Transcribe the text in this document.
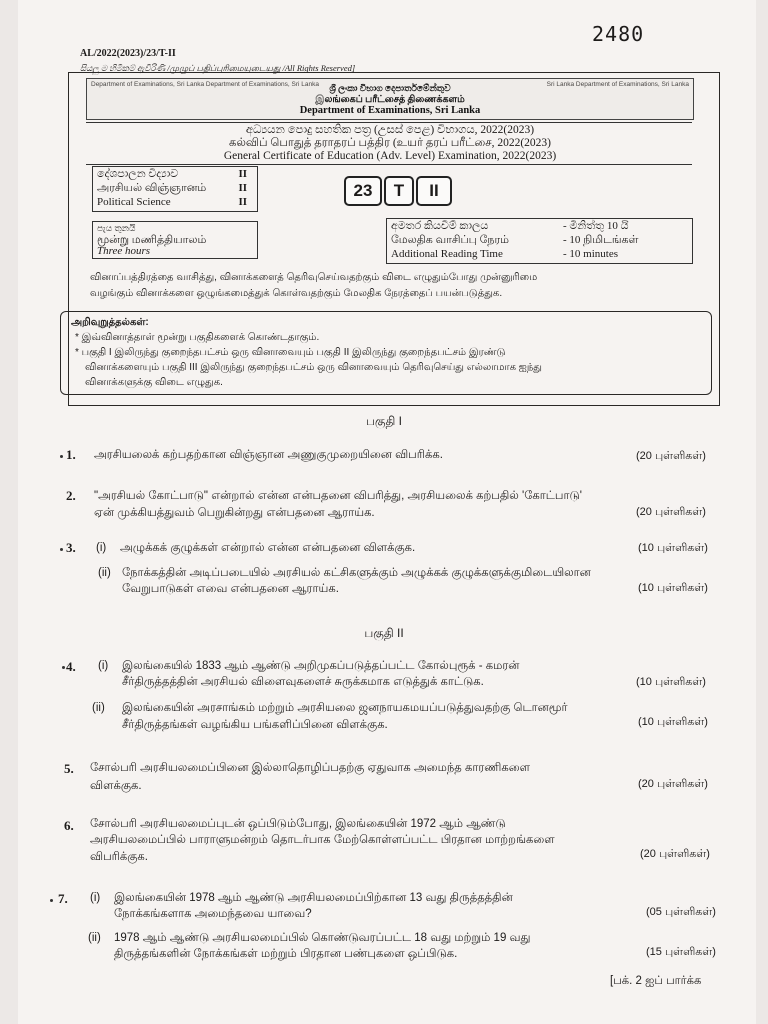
2480
AL/2022(2023)/23/T-II
සියලු ම හිමිකම් ඇවිරිණි /முழுப் பதிப்புரிமையுடையது /All Rights Reserved]
Department of Examinations, Sri Lanka Department of Examinations, Sri Lanka	Sri Lanka Department of Examinations, Sri Lanka
ශ්‍රී ලංකා විභාග දෙපාර්තමේන්තුව
இலங்கைப் பரீட்சைத் திணைக்களம்
Department of Examinations, Sri Lanka
අධ්‍යයන පොදු සහතික පත්‍ර (උසස් පෙළ) විභාගය, 2022(2023)
கல்விப் பொதுத் தராதரப் பத்திர (உயர் தரப் பரீட்சை, 2022(2023)
General Certificate of Education (Adv. Level) Examination, 2022(2023)
දේශපාලන විද්‍යාව	II
அரசியல் விஞ்ஞானம்	II
Political Science	II
23	T	II
පැය තුනයි
மூன்று மணித்தியாலம்
Three hours
අමතර කියවීම් කාලය	- මිනිත්තු 10 යි
மேலதிக வாசிப்பு நேரம்	- 10 நிமிடங்கள்
Additional Reading Time	- 10 minutes
வினாப்பத்திரத்தை வாசித்து, வினாக்களைத் தெரிவுசெய்வதற்கும் விடை எழுதும்போது முன்னுரிமை
வழங்கும் வினாக்களை ஒழுங்கமைத்துக் கொள்வதற்கும் மேலதிக நேரத்தைப் பயன்படுத்துக.
அறிவுறுத்தல்கள்:
* இவ்வினாத்தாள் மூன்று பகுதிகளைக் கொண்டதாகும்.
* பகுதி I இலிருந்து குறைந்தபட்சம் ஒரு வினாவையும் பகுதி II இலிருந்து குறைந்தபட்சம் இரண்டு
வினாக்களையும் பகுதி III இலிருந்து குறைந்தபட்சம் ஒரு வினாவையும் தெரிவுசெய்து எல்லாமாக ஐந்து
வினாக்களுக்கு விடை எழுதுக.
பகுதி I
1. அரசியலைக் கற்பதற்கான விஞ்ஞான அணுகுமுறையினை விபரிக்க.	(20 புள்ளிகள்)
2. "அரசியல் கோட்பாடு" என்றால் என்ன என்பதனை விபரித்து, அரசியலைக் கற்பதில் 'கோட்பாடு'
ஏன் முக்கியத்துவம் பெறுகின்றது என்பதனை ஆராய்க.	(20 புள்ளிகள்)
3. (i) அழுக்கக் குழுக்கள் என்றால் என்ன என்பதனை விளக்குக.	(10 புள்ளிகள்)
(ii) நோக்கத்தின் அடிப்படையில் அரசியல் கட்சிகளுக்கும் அழுக்கக் குழுக்களுக்குமிடையிலான
வேறுபாடுகள் எவை என்பதனை ஆராய்க.	(10 புள்ளிகள்)
பகுதி II
4. (i) இலங்கையில் 1833 ஆம் ஆண்டு அறிமுகப்படுத்தப்பட்ட கோல்புரூக் - கமரன்
சீர்திருத்தத்தின் அரசியல் விளைவுகளைச் சுருக்கமாக எடுத்துக் காட்டுக.	(10 புள்ளிகள்)
(ii) இலங்கையின் அரசாங்கம் மற்றும் அரசியலை ஜனநாயகமயப்படுத்துவதற்கு டொனமூர்
சீர்திருத்தங்கள் வழங்கிய பங்களிப்பினை விளக்குக.	(10 புள்ளிகள்)
5. சோல்பரி அரசியலமைப்பினை இல்லாதொழிப்பதற்கு ஏதுவாக அமைந்த காரணிகளை
விளக்குக.	(20 புள்ளிகள்)
6. சோல்பரி அரசியலமைப்புடன் ஒப்பிடும்போது, இலங்கையின் 1972 ஆம் ஆண்டு
அரசியலமைப்பில் பாராளுமன்றம் தொடர்பாக மேற்கொள்ளப்பட்ட பிரதான மாற்றங்களை
விபரிக்குக.	(20 புள்ளிகள்)
7. (i) இலங்கையின் 1978 ஆம் ஆண்டு அரசியலமைப்பிற்கான 13 வது திருத்தத்தின்
நோக்கங்களாக அமைந்தவை யாவை?	(05 புள்ளிகள்)
(ii) 1978 ஆம் ஆண்டு அரசியலமைப்பில் கொண்டுவரப்பட்ட 18 வது மற்றும் 19 வது
திருத்தங்களின் நோக்கங்கள் மற்றும் பிரதான பண்புகளை ஒப்பிடுக.	(15 புள்ளிகள்)
[பக். 2 ஐப் பார்க்க
